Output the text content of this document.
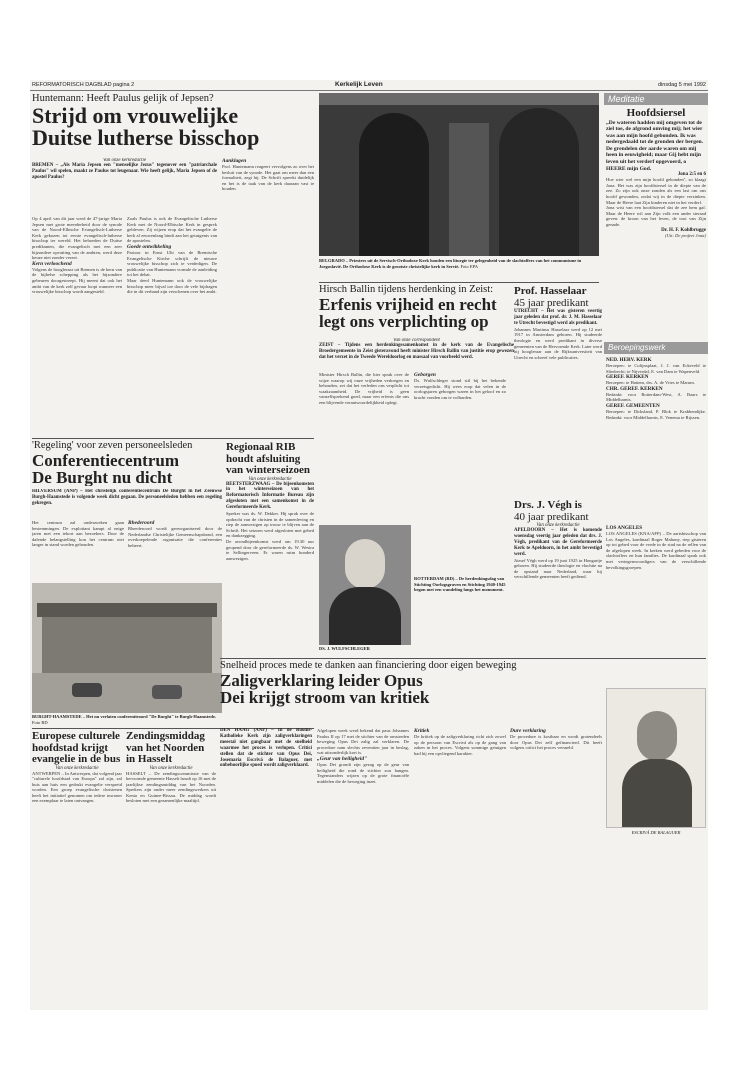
REFORMATORISCH DAGBLAD pagina 2	Kerkelijk Leven	dinsdag 5 mei 1992

Huntemann: Heeft Paulus gelijk of Jepsen?

Strijd om vrouwelijke

Duitse lutherse bisschop

Van onze kerkredactie

BREMEN – „Als Maria Jepsen een "menselijke Jezus" tegenover een "patriarchale Paulus" wil spelen, maakt ze Paulus tot leugenaar. Wie heeft gelijk, Maria Jepsen of de apostel Paulus?

Op 4 april van dit jaar werd de 47-jarige Maria Jepsen met grote meerderheid door de synode van de Noord-Elbische Evangelisch-Lutherse Kerk gekozen tot eerste evangelisch-lutherse bisschop ter wereld. Het behoeden de Duitse predikanten, die evangelisch met een zeer bijzondere opvatting van de ambten, werd deze keuze niet zonder verzet.

Kern verloochend

Volgens de hoogleraar uit Bremen is de kern van de bijbelse schepping als het bijzondere gebeuren doorgestreept. Hij meent dat ook het ambt van de kerk zelf gevaar loopt wanneer een vrouwelijke bisschop wordt aangesteld.

Zoals Paulus is ook de Evangelische Lutherse Kerk met de Noord-Elbische Kerk in gesprek gebleven. Zij wijzen erop dat het evangelie de kerk al eeuwenlang bindt aan het getuigenis van de apostelen.

Goede ontwikkeling

Pastoor in Ernst Ulit van de Bremische Evangelische Kirche schrijft de nieuwe vrouwelijke bisschop zich te verdedigen. De publicatie van Huntemann vormde de aanleiding tot het debat.

Maar deed Huntemann ook de vrouwelijke bisschop meer bijval toe door de vele bijdragen die in dit verband zijn verschenen over het ambt.

Aanklagen

Prof. Huntemann reageert vervolgens zo over het besluit van de synode. Het gaat om meer dan een formaliteit, zegt hij. De Schrift spreekt duidelijk en het is de taak van de kerk daaraan vast te houden.

BELGRADO – Priesters uit de Servisch-Orthodoxe Kerk houden een liturgie ter gelegenheid van de slachtoffers van het communisme in Joegoslavië. De Orthodoxe Kerk is de grootste christelijke kerk in Servië. Foto EPA

Meditatie

Hoofdsiersel

„De wateren hadden mij omgeven tot de ziel toe, de afgrond omving mij; het wier was aan mijn hoofd gebonden. Ik was nedergedaald tot de gronden der bergen. De grendelen der aarde waren om mij heen in eeuwigheid; maar Gij hebt mijn leven uit het verderf opgevoerd, o HEERE mijn God.

Jona 2:5 en 6

Hoe wier wel een mijn hoofd gebonden'', zo klaagt Jona. Het was zijn hoofdsiersel in de diepte van de zee. Zo zijn ook onze zonden als een last om ons hoofd gewonden, zodat wij in de diepte verzinken. Maar de Heere laat Zijn kinderen niet in het verderf.

Jona wist van een hoofdsiersel dat de zee hem gaf. Maar de Heere wil aan Zijn volk een ander sieraad geven: de kroon van het leven, de tooi van Zijn genade.

Dr. H. F. Kohlbrugge

(Uit: De profeet Jona)

Hirsch Ballin tijdens herdenking in Zeist:

Erfenis vrijheid en recht

legt ons verplichting op

Van onze correspondent

ZEIST – Tijdens een herdenkingssamenkomst in de kerk van de Evangelische Broedergemeente in Zeist gisteravond heeft minister Hirsch Ballin van justitie erop gewezen dat het verzet in de Tweede Wereldoorlog en massaal van voorbeeld werd.

Minister Hirsch Ballin, die hier sprak over de wijze waarop wij onze vrijheden verkregen en behouden, zei dat het verleden ons verplicht tot waakzaamheid. De vrijheid is geen vanzelfsprekend goed, maar een erfenis die ons een blijvende verantwoordelijkheid oplegt.

Geborgen

Ds. Wulfschleger stond stil bij het bekende verzetsgedicht. Hij wees erop dat velen in de oorlogsjaren geborgen waren in het geloof en zo kracht vonden om te volharden.

DS. J. WULFSCHLEGER

ROTTERDAM (RD) – De herdenkingsdag van Stichting Oorlogsgraven en Stichting 1940-1945 begon met een wandeling langs het monument.

Prof. Hasselaar

45 jaar predikant

UTRECHT – Het was gisteren veertig jaar geleden dat prof. dr. J. M. Hasselaar te Utrecht bevestigd werd als predikant.

Johannes Martinus Hasselaar werd op 12 mei 1917 in Amsterdam geboren. Hij studeerde theologie en werd predikant in diverse gemeenten van de Hervormde Kerk. Later werd hij hoogleraar aan de Rijksuniversiteit van Utrecht en schreef vele publicaties.

Drs. J. Végh is

40 jaar predikant

Van onze kerkredactie

APELDOORN – Het is komende woensdag veertig jaar geleden dat drs. J. Végh, predikant van de Gereformeerde Kerk te Apeldoorn, in het ambt bevestigd werd.

József Végh werd op 19 juni 1925 in Hongarije geboren. Hij studeerde theologie en vluchtte na de opstand naar Nederland, waar hij verschillende gemeenten heeft gediend.

Beroepingswerk

NED. HERV. KERK

Beroepen: te Colijnsplaat, J. J. van Eckeveld te Sliedrecht; te Nijverdal, E. van Dam te Wapenveld.

GEREF. KERKEN

Beroepen: te Hattem, drs. A. de Vries te Marum.

CHR. GEREF. KERKEN

Bedankt: voor Rotterdam-West, A. Baars te Middelharnis.

GEREF. GEMEENTEN

Beroepen: te Dirksland, P. Blok te Krabbendijke. Bedankt: voor Middelharnis, E. Venema te Rijssen.

LOS ANGELES

LOS ANGELES (KNA/AFP) – De aartsbisschop van Los Angeles, kardinaal Roger Mahony, riep gisteren op tot gebed voor de vrede in de stad na de rellen van de afgelopen week. In kerken werd gebeden voor de slachtoffers en hun families. De kardinaal sprak ook met vertegenwoordigers van de verschillende bevolkingsgroepen.

'Regeling' voor zeven personeelsleden

Conferentiecentrum

De Burght nu dicht

HILVERSUM (ANP) – Het christelijk conferentiecentrum De Burght in het Zeeuwse Burgh-Haamstede is volgende week dicht gegaan. De personeelsleden hebben een regeling gekregen.

Het centrum zal onderzoeken gaan bestemmingen. De exploitant kampt al enige jaren met een tekort aan bezoekers. Door de dalende belangstelling kon het centrum niet langer in stand worden gehouden.

Rhederoord

Rheederoord wordt gereorganiseerd door de Nederlandse Christelijke Gemeenschapsbond, een overkoepelende organisatie die conferenties beheert.

BURGHT-HAAMSTEDE – Het nu verlaten conferentieoord "De Burght" te Burgh-Haamstede. Foto RD

Regionaal RIB

houdt afsluiting

van winterseizoen

Van onze kerkredactie

BEETSTERZWAAG – De bijeenkomsten in het winterseizoen van het Reformatorisch Informatie Bureau zijn afgesloten met een samenkomst in de Gereformeerde Kerk.

Spreker was ds. W. Dekker. Hij sprak over de opdracht van de christen in de samenleving en riep de aanwezigen op trouw te blijven aan de Schrift. Het seizoen werd afgesloten met gebed en dankzegging.

De avondbijeenkomst werd om 19.30 uur geopend door de gereformeerde ds. W. Westra te Sellingerveen. Er waren ruim honderd aanwezigen.

Europese culturele

hoofdstad krijgt

evangelie in de bus

Van onze kerkredactie

ANTWERPEN – In Antwerpen, dat volgend jaar "culturele hoofdstad van Europa" zal zijn, zal huis aan huis een gedrukt evangelie verspreid worden. Een groep evangelische christenen heeft het initiatief genomen om iedere inwoner een exemplaar te laten ontvangen.

Zendingsmiddag

van het Noorden

in Hasselt

Van onze kerkredactie

HASSELT – De zendingscommissie van de hervormde gemeente Hasselt houdt op 16 mei de jaarlijkse zendingsmiddag van het Noorden. Sprekers zijn onder meer zendingswerkers uit Kenia en Guinee-Bissau. De middag wordt besloten met een gezamenlijke maaltijd.

Snelheid proces mede te danken aan financiering door eigen beweging

Zaligverklaring leider Opus

Dei krijgt stroom van kritiek

DEN HAAG (ANP) – In de Rooms-Katholieke Kerk zijn zaligverklaringen meestal niet gangbaar met de snelheid waarmee het proces is verlopen. Critici stellen dat de stichter van Opus Dei, Josemaria Escrivá de Balaguer, met onbehoorlijke spoed wordt zaligverklaard.

Afgelopen week werd bekend dat paus Johannes Paulus II op 17 mei de stichter van de omstreden beweging Opus Dei zalig zal verklaren. De procedure nam slechts zeventien jaar in beslag, wat uitzonderlijk kort is.

„Geur van heiligheid"

Opus Dei grondt zijn gezag op de geur van heiligheid die rond de stichter zou hangen. Tegenstanders wijzen op de grote financiële middelen die de beweging inzet.

Kritiek

De kritiek op de zaligverklaring richt zich zowel op de persoon van Escrivá als op de gang van zaken in het proces. Volgens sommige getuigen had hij een opvliegend karakter.

Dure verklaring

De procedure is kostbaar en wordt grotendeels door Opus Dei zelf gefinancierd. Dit heeft volgens critici het proces versneld.

ESCRIVÁ DE BALAGUER
